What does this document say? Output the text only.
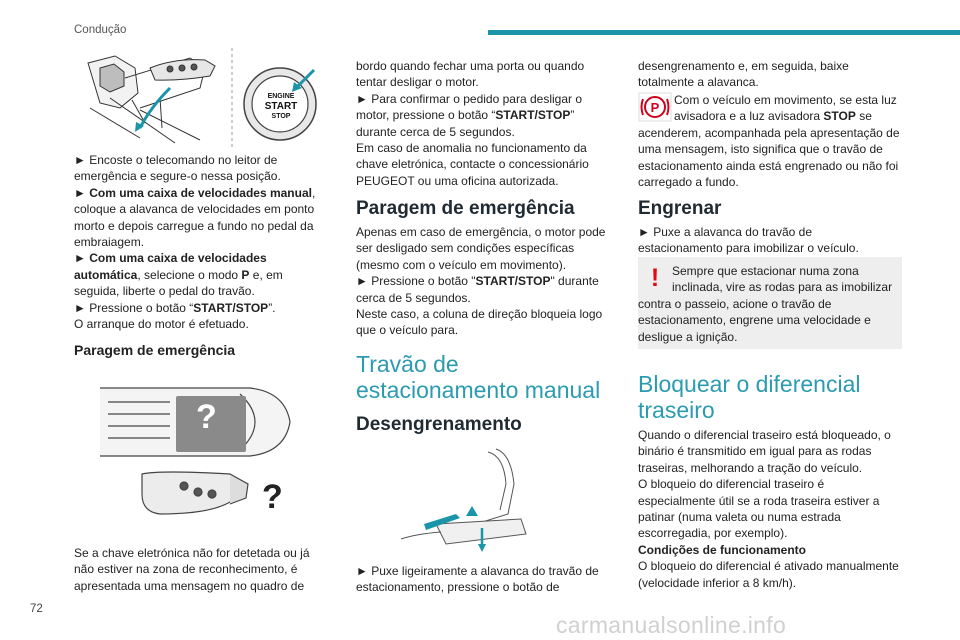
Condução
ENGINE
START
STOP

► Encoste o telecomando no leitor de emergência e segure-o nessa posição.

► Com uma caixa de velocidades manual, coloque a alavanca de velocidades em ponto morto e depois carregue a fundo no pedal da embraiagem.

► Com uma caixa de velocidades automática, selecione o modo P e, em seguida, liberte o pedal do travão.

► Pressione o botão “START/STOP”.

O arranque do motor é efetuado.

Paragem de emergência
?
?
Se a chave eletrónica não for detetada ou já não estiver na zona de reconhecimento, é apresentada uma mensagem no quadro de

bordo quando fechar uma porta ou quando tentar desligar o motor.

► Para confirmar o pedido para desligar o motor, pressione o botão “START/STOP” durante cerca de 5 segundos.

Em caso de anomalia no funcionamento da chave eletrónica, contacte o concessionário PEUGEOT ou uma oficina autorizada.

Paragem de emergência

Apenas em caso de emergência, o motor pode ser desligado sem condições específicas (mesmo com o veículo em movimento).

► Pressione o botão "START/STOP" durante cerca de 5 segundos.

Neste caso, a coluna de direção bloqueia logo que o veículo para.

Travão de estacionamento manual
Desengrenamento
► Puxe ligeiramente a alavanca do travão de estacionamento, pressione o botão de
desengrenamento e, em seguida, baixe totalmente a alavanca.
P Com o veículo em movimento, se esta luz avisadora e a luz avisadora STOP se acenderem, acompanhada pela apresentação de uma mensagem, isto significa que o travão de estacionamento ainda está engrenado ou não foi carregado a fundo.
Engrenar
► Puxe a alavanca do travão de estacionamento para imobilizar o veículo.
!	Sempre que estacionar numa zona inclinada, vire as rodas para as imobilizar contra o passeio, acione o travão de estacionamento, engrene uma velocidade e desligue a ignição.
Bloquear o diferencial traseiro

Quando o diferencial traseiro está bloqueado, o binário é transmitido em igual para as rodas traseiras, melhorando a tração do veículo.

O bloqueio do diferencial traseiro é especialmente útil se a roda traseira estiver a patinar (numa valeta ou numa estrada escorregadia, por exemplo).

Condições de funcionamento

O bloqueio do diferencial é ativado manualmente (velocidade inferior a 8 km/h).

72
carmanualsonline.info
